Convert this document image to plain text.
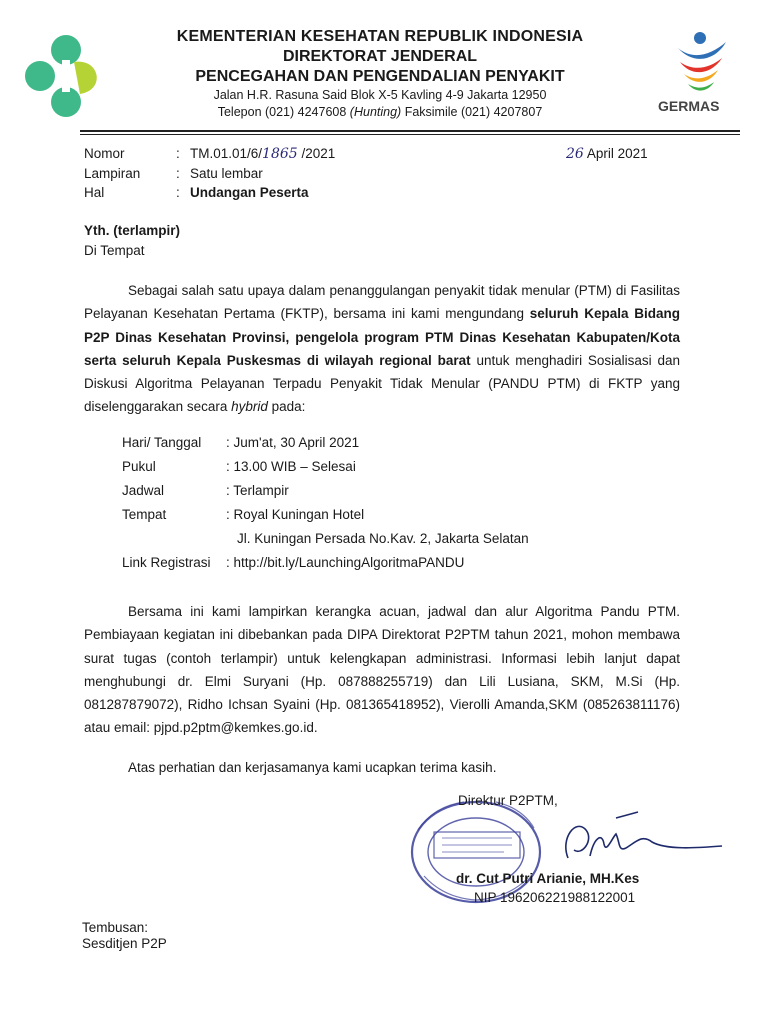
KEMENTERIAN KESEHATAN REPUBLIK INDONESIA
DIREKTORAT JENDERAL
PENCEGAHAN DAN PENGENDALIAN PENYAKIT
Jalan H.R. Rasuna Said Blok X-5 Kavling 4-9 Jakarta 12950
Telepon (021) 4247608 (Hunting) Faksimile (021) 4207807	GERMAS
Nomor	: TM.01.01/6/1865 /2021	26 April 2021
Lampiran	: Satu lembar
Hal	: Undangan Peserta
Yth. (terlampir)
Di Tempat
Sebagai salah satu upaya dalam penanggulangan penyakit tidak menular (PTM) di Fasilitas Pelayanan Kesehatan Pertama (FKTP), bersama ini kami mengundang seluruh Kepala Bidang P2P Dinas Kesehatan Provinsi, pengelola program PTM Dinas Kesehatan Kabupaten/Kota serta seluruh Kepala Puskesmas di wilayah regional barat untuk menghadiri Sosialisasi dan Diskusi Algoritma Pelayanan Terpadu Penyakit Tidak Menular (PANDU PTM) di FKTP yang diselenggarakan secara hybrid pada:
Hari/ Tanggal : Jum'at, 30 April 2021
Pukul	: 13.00 WIB – Selesai
Jadwal	: Terlampir
Tempat	: Royal Kuningan Hotel
Jl. Kuningan Persada No.Kav. 2, Jakarta Selatan
Link Registrasi : http://bit.ly/LaunchingAlgoritmaPANDU
Bersama ini kami lampirkan kerangka acuan, jadwal dan alur Algoritma Pandu PTM. Pembiayaan kegiatan ini dibebankan pada DIPA Direktorat P2PTM tahun 2021, mohon membawa surat tugas (contoh terlampir) untuk kelengkapan administrasi. Informasi lebih lanjut dapat menghubungi dr. Elmi Suryani (Hp. 087888255719) dan Lili Lusiana, SKM, M.Si (Hp. 081287879072), Ridho Ichsan Syaini (Hp. 081365418952), Vierolli Amanda,SKM (085263811176) atau email: pjpd.p2ptm@kemkes.go.id.
Atas perhatian dan kerjasamanya kami ucapkan terima kasih.
Direktur P2PTM,
dr. Cut Putri Arianie, MH.Kes
NIP 196206221988122001
Tembusan:
Sesditjen P2P
